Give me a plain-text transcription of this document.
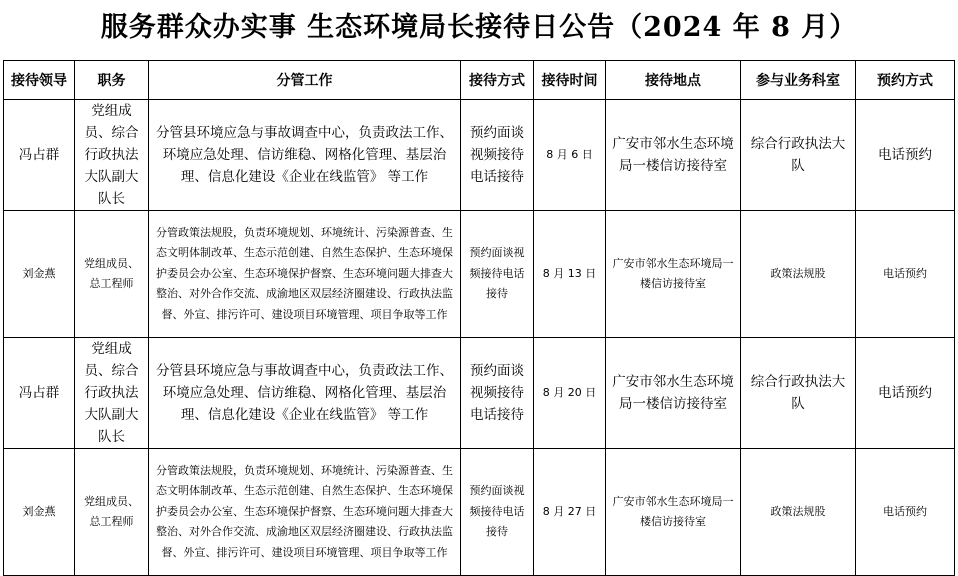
服务群众办实事 生态环境局长接待日公告（2024 年 8 月）
接待领导	职务	分管工作	接待方式	接待时间	接待地点	参与业务科室	预约方式
冯占群	党组成员、综合行政执法大队副大队长	分管县环境应急与事故调查中心，负责政法工作、环境应急处理、信访维稳、网格化管理、基层治理、信息化建设《企业在线监管》 等工作	预约面谈视频接待电话接待	8 月 6 日	广安市邻水生态环境局一楼信访接待室	综合行政执法大队	电话预约
刘金燕	党组成员、总工程师	分管政策法规股，负责环境规划、环境统计、污染源普查、生态文明体制改革、生态示范创建、自然生态保护、生态环境保护委员会办公室、生态环境保护督察、生态环境问题大排查大整治、对外合作交流、成渝地区双层经济圈建设、行政执法监督、外宣、排污许可、建设项目环境管理、项目争取等工作	预约面谈视频接待电话接待	8 月 13 日	广安市邻水生态环境局一楼信访接待室	政策法规股	电话预约
冯占群	党组成员、综合行政执法大队副大队长	分管县环境应急与事故调查中心，负责政法工作、环境应急处理、信访维稳、网格化管理、基层治理、信息化建设《企业在线监管》 等工作	预约面谈视频接待电话接待	8 月 20 日	广安市邻水生态环境局一楼信访接待室	综合行政执法大队	电话预约
刘金燕	党组成员、总工程师	分管政策法规股，负责环境规划、环境统计、污染源普查、生态文明体制改革、生态示范创建、自然生态保护、生态环境保护委员会办公室、生态环境保护督察、生态环境问题大排查大整治、对外合作交流、成渝地区双层经济圈建设、行政执法监督、外宣、排污许可、建设项目环境管理、项目争取等工作	预约面谈视频接待电话接待	8 月 27 日	广安市邻水生态环境局一楼信访接待室	政策法规股	电话预约
